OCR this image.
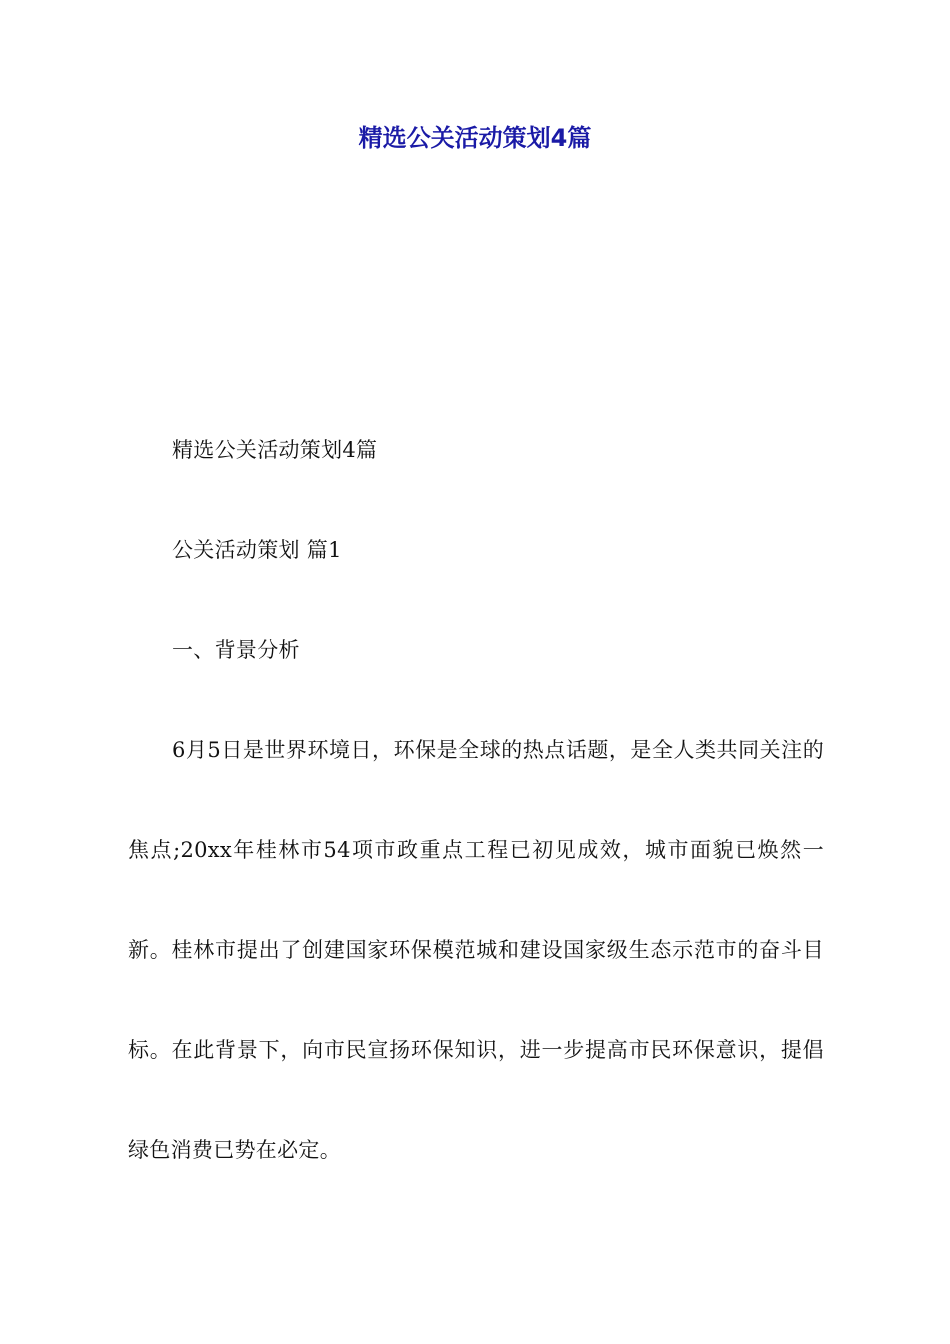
精选公关活动策划4篇

精选公关活动策划4篇

公关活动策划 篇1

一、背景分析

6月5日是世界环境日，环保是全球的热点话题，是全人类共同关注的焦点;20xx年桂林市54项市政重点工程已初见成效，城市面貌已焕然一新。桂林市提出了创建国家环保模范城和建设国家级生态示范市的奋斗目标。在此背景下，向市民宣扬环保知识，进一步提高市民环保意识，提倡绿色消费已势在必定。
